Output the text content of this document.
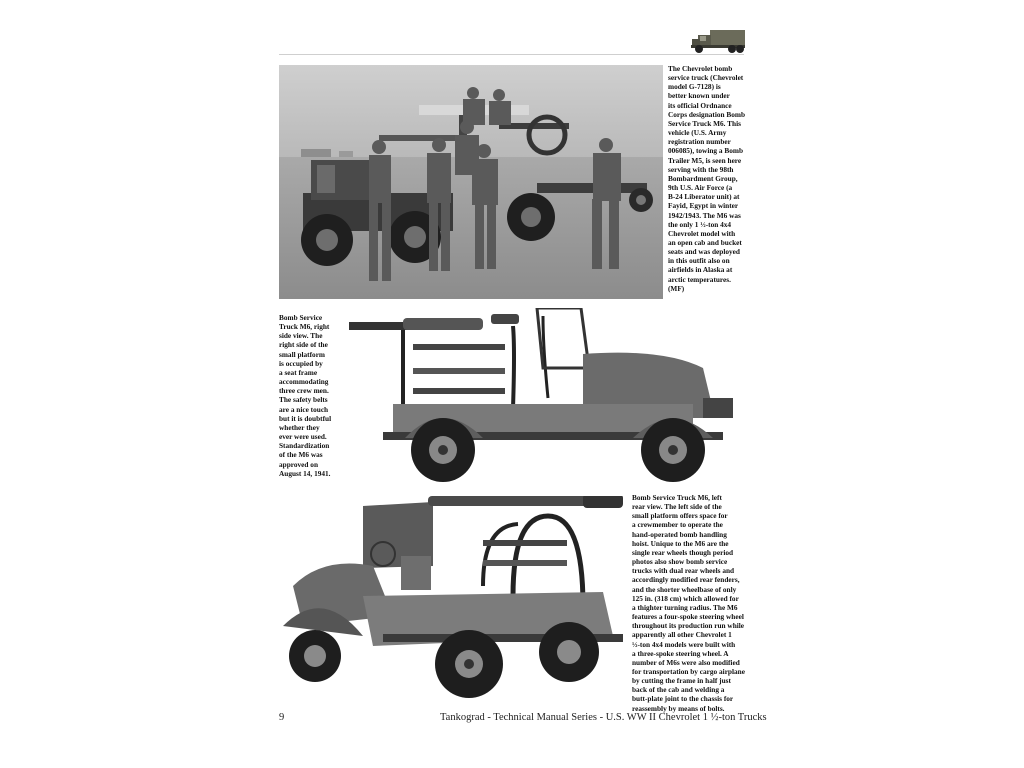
The Chevrolet bomb
service truck (Chevrolet
model G-7128) is
better known under
its official Ordnance
Corps designation Bomb
Service Truck M6. This
vehicle (U.S. Army
registration number
006085), towing a Bomb
Trailer M5, is seen here
serving with the 98th
Bombardment Group,
9th U.S. Air Force (a
B-24 Liberator unit) at
Fayid, Egypt in winter
1942/1943. The M6 was
the only 1 ½-ton 4x4
Chevrolet model with
an open cab and bucket
seats and was deployed
in this outfit also on
airfields in Alaska at
arctic temperatures.
(MF)
Bomb Service
Truck M6, right
side view. The
right side of the
small platform
is occupied by
a seat frame
accommodating
three crew men.
The safety belts
are a nice touch
but it is doubtful
whether they
ever were used.
Standardization
of the M6 was
approved on
August 14, 1941.
Bomb Service Truck M6, left
rear view. The left side of the
small platform offers space for
a crewmember to operate the
hand-operated bomb handling
hoist. Unique to the M6 are the
single rear wheels though period
photos also show bomb service
trucks with dual rear wheels and
accordingly modified rear fenders,
and the shorter wheelbase of only
125 in. (318 cm) which allowed for
a thighter turning radius. The M6
features a four-spoke steering wheel
throughout its production run while
apparently all other Chevrolet 1
½-ton 4x4 models were built with
a three-spoke steering wheel. A
number of M6s were also modified
for transportation by cargo airplane
by cutting the frame in half just
back of the cab and welding a
butt-plate joint to the chassis for
reassembly by means of bolts.
9	Tankograd - Technical Manual Series - U.S. WW II Chevrolet 1 ½-ton Trucks
